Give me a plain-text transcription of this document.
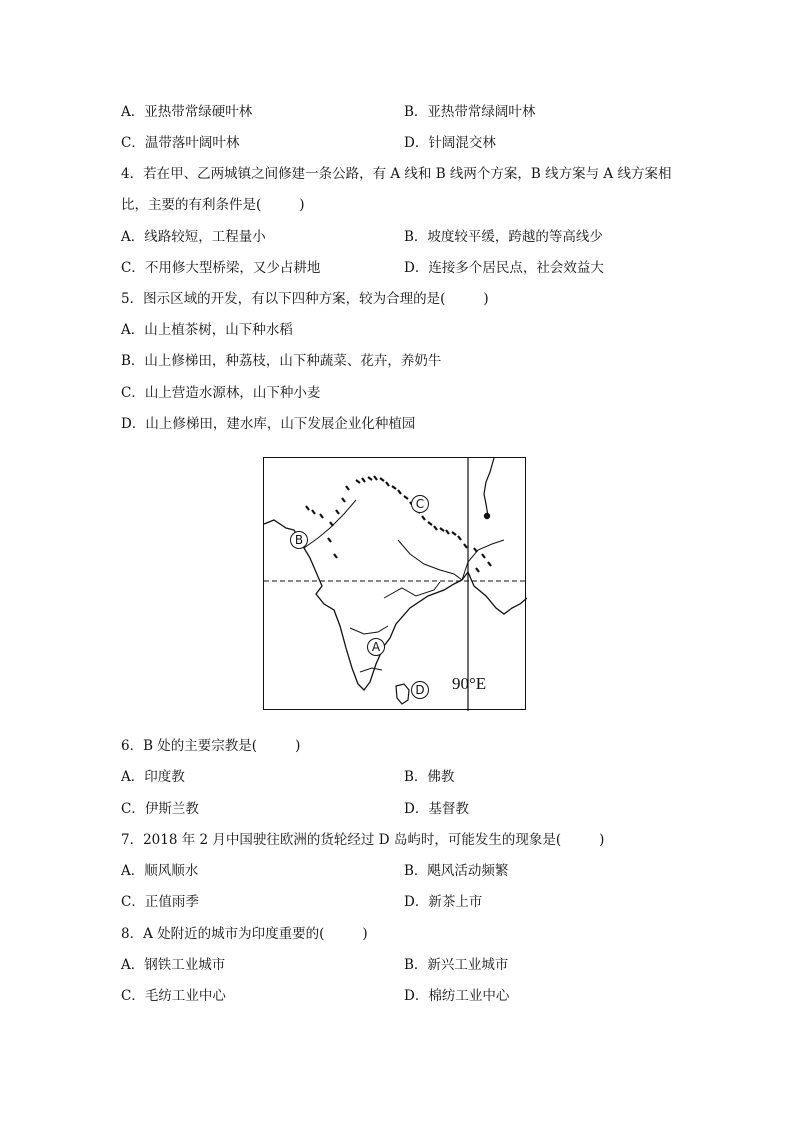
A．亚热带常绿硬叶林	B．亚热带常绿阔叶林
C．温带落叶阔叶林	D．针阔混交林
4．若在甲、乙两城镇之间修建一条公路，有 A 线和 B 线两个方案，B 线方案与 A 线方案相
比，主要的有利条件是(	)
A．线路较短，工程量小	B．坡度较平缓，跨越的等高线少
C．不用修大型桥梁，又少占耕地	D．连接多个居民点，社会效益大
5．图示区域的开发，有以下四种方案，较为合理的是(	)
A．山上植茶树，山下种水稻
B．山上修梯田，种荔枝，山下种蔬菜、花卉，养奶牛
C．山上营造水源林，山下种小麦
D．山上修梯田，建水库，山下发展企业化种植园
B
C
A
D 90°E
6．B 处的主要宗教是(	)
A．印度教	B．佛教
C．伊斯兰教	D．基督教
7．2018 年 2 月中国驶往欧洲的货轮经过 D 岛屿时，可能发生的现象是(	)
A．顺风顺水	B．飓风活动频繁
C．正值雨季	D．新茶上市
8．A 处附近的城市为印度重要的(	)
A．钢铁工业城市	B．新兴工业城市
C．毛纺工业中心	D．棉纺工业中心
